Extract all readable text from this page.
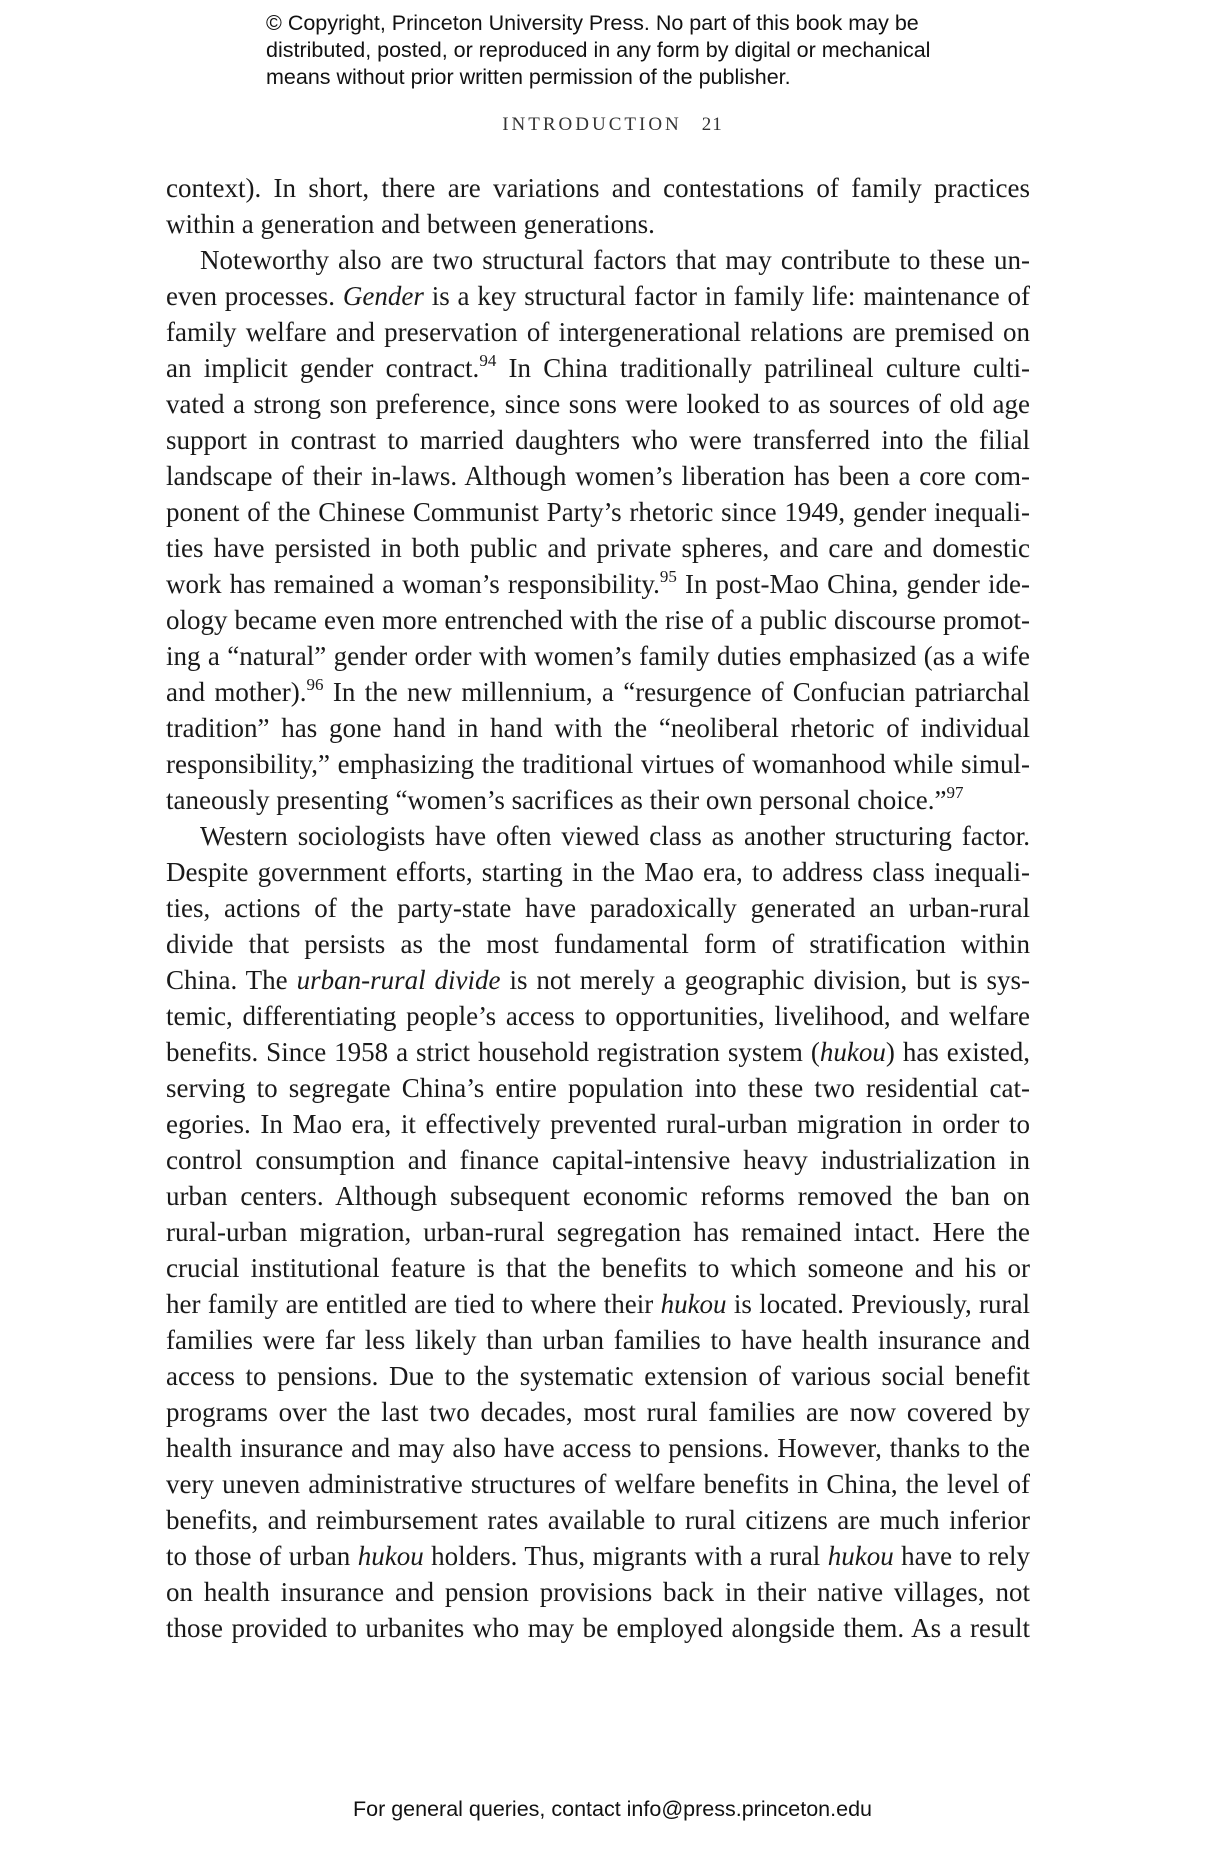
© Copyright, Princeton University Press. No part of this book may be
distributed, posted, or reproduced in any form by digital or mechanical
means without prior written permission of the publisher.
INTRODUCTION 21
context). In short, there are variations and contestations of family practices
within a generation and between generations.
Noteworthy also are two structural factors that may contribute to these un-
even processes. Gender is a key structural factor in family life: maintenance of
family welfare and preservation of intergenerational relations are premised on
an implicit gender contract.$^{94}$ In China traditionally patrilineal culture culti-
vated a strong son preference, since sons were looked to as sources of old age
support in contrast to married daughters who were transferred into the filial
landscape of their in-laws. Although women’s liberation has been a core com-
ponent of the Chinese Communist Party’s rhetoric since 1949, gender inequali-
ties have persisted in both public and private spheres, and care and domestic
work has remained a woman’s responsibility.$^{95}$ In post-Mao China, gender ide-
ology became even more entrenched with the rise of a public discourse promot-
ing a “natural” gender order with women’s family duties emphasized (as a wife
and mother).$^{96}$ In the new millennium, a “resurgence of Confucian patriarchal
tradition” has gone hand in hand with the “neoliberal rhetoric of individual
responsibility,” emphasizing the traditional virtues of womanhood while simul-
taneously presenting “women’s sacrifices as their own personal choice.”$^{97}$
Western sociologists have often viewed class as another structuring factor.
Despite government efforts, starting in the Mao era, to address class inequali-
ties, actions of the party-state have paradoxically generated an urban-rural
divide that persists as the most fundamental form of stratification within
China. The urban-rural divide is not merely a geographic division, but is sys-
temic, differentiating people’s access to opportunities, livelihood, and welfare
benefits. Since 1958 a strict household registration system (hukou) has existed,
serving to segregate China’s entire population into these two residential cat-
egories. In Mao era, it effectively prevented rural-urban migration in order to
control consumption and finance capital-intensive heavy industrialization in
urban centers. Although subsequent economic reforms removed the ban on
rural-urban migration, urban-rural segregation has remained intact. Here the
crucial institutional feature is that the benefits to which someone and his or
her family are entitled are tied to where their hukou is located. Previously, rural
families were far less likely than urban families to have health insurance and
access to pensions. Due to the systematic extension of various social benefit
programs over the last two decades, most rural families are now covered by
health insurance and may also have access to pensions. However, thanks to the
very uneven administrative structures of welfare benefits in China, the level of
benefits, and reimbursement rates available to rural citizens are much inferior
to those of urban hukou holders. Thus, migrants with a rural hukou have to rely
on health insurance and pension provisions back in their native villages, not
those provided to urbanites who may be employed alongside them. As a result
For general queries, contact info@press.princeton.edu
